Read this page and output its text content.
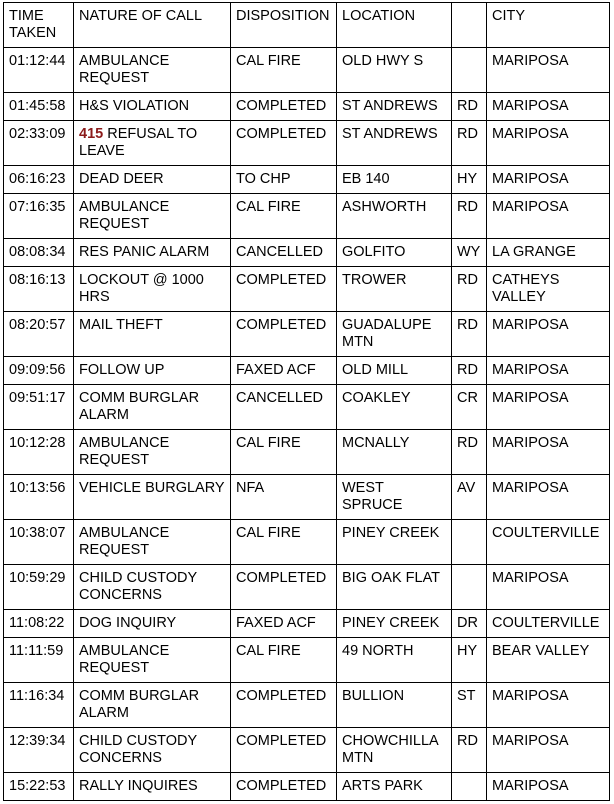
TIME
TAKEN	NATURE OF CALL	DISPOSITION	LOCATION		CITY
01:12:44	AMBULANCE REQUEST	CAL FIRE	OLD HWY S		MARIPOSA
01:45:58	H&S VIOLATION	COMPLETED	ST ANDREWS	RD	MARIPOSA
02:33:09	415 REFUSAL TO LEAVE	COMPLETED	ST ANDREWS	RD	MARIPOSA
06:16:23	DEAD DEER	TO CHP	EB 140	HY	MARIPOSA
07:16:35	AMBULANCE REQUEST	CAL FIRE	ASHWORTH	RD	MARIPOSA
08:08:34	RES PANIC ALARM	CANCELLED	GOLFITO	WY	LA GRANGE
08:16:13	LOCKOUT @ 1000 HRS	COMPLETED	TROWER	RD	CATHEYS VALLEY
08:20:57	MAIL THEFT	COMPLETED	GUADALUPE MTN	RD	MARIPOSA
09:09:56	FOLLOW UP	FAXED ACF	OLD MILL	RD	MARIPOSA
09:51:17	COMM BURGLAR ALARM	CANCELLED	COAKLEY	CR	MARIPOSA
10:12:28	AMBULANCE REQUEST	CAL FIRE	MCNALLY	RD	MARIPOSA
10:13:56	VEHICLE BURGLARY	NFA	WEST SPRUCE	AV	MARIPOSA
10:38:07	AMBULANCE REQUEST	CAL FIRE	PINEY CREEK		COULTERVILLE
10:59:29	CHILD CUSTODY CONCERNS	COMPLETED	BIG OAK FLAT		MARIPOSA
11:08:22	DOG INQUIRY	FAXED ACF	PINEY CREEK	DR	COULTERVILLE
11:11:59	AMBULANCE REQUEST	CAL FIRE	49 NORTH	HY	BEAR VALLEY
11:16:34	COMM BURGLAR ALARM	COMPLETED	BULLION	ST	MARIPOSA
12:39:34	CHILD CUSTODY CONCERNS	COMPLETED	CHOWCHILLA MTN	RD	MARIPOSA
15:22:53	RALLY INQUIRES	COMPLETED	ARTS PARK		MARIPOSA
